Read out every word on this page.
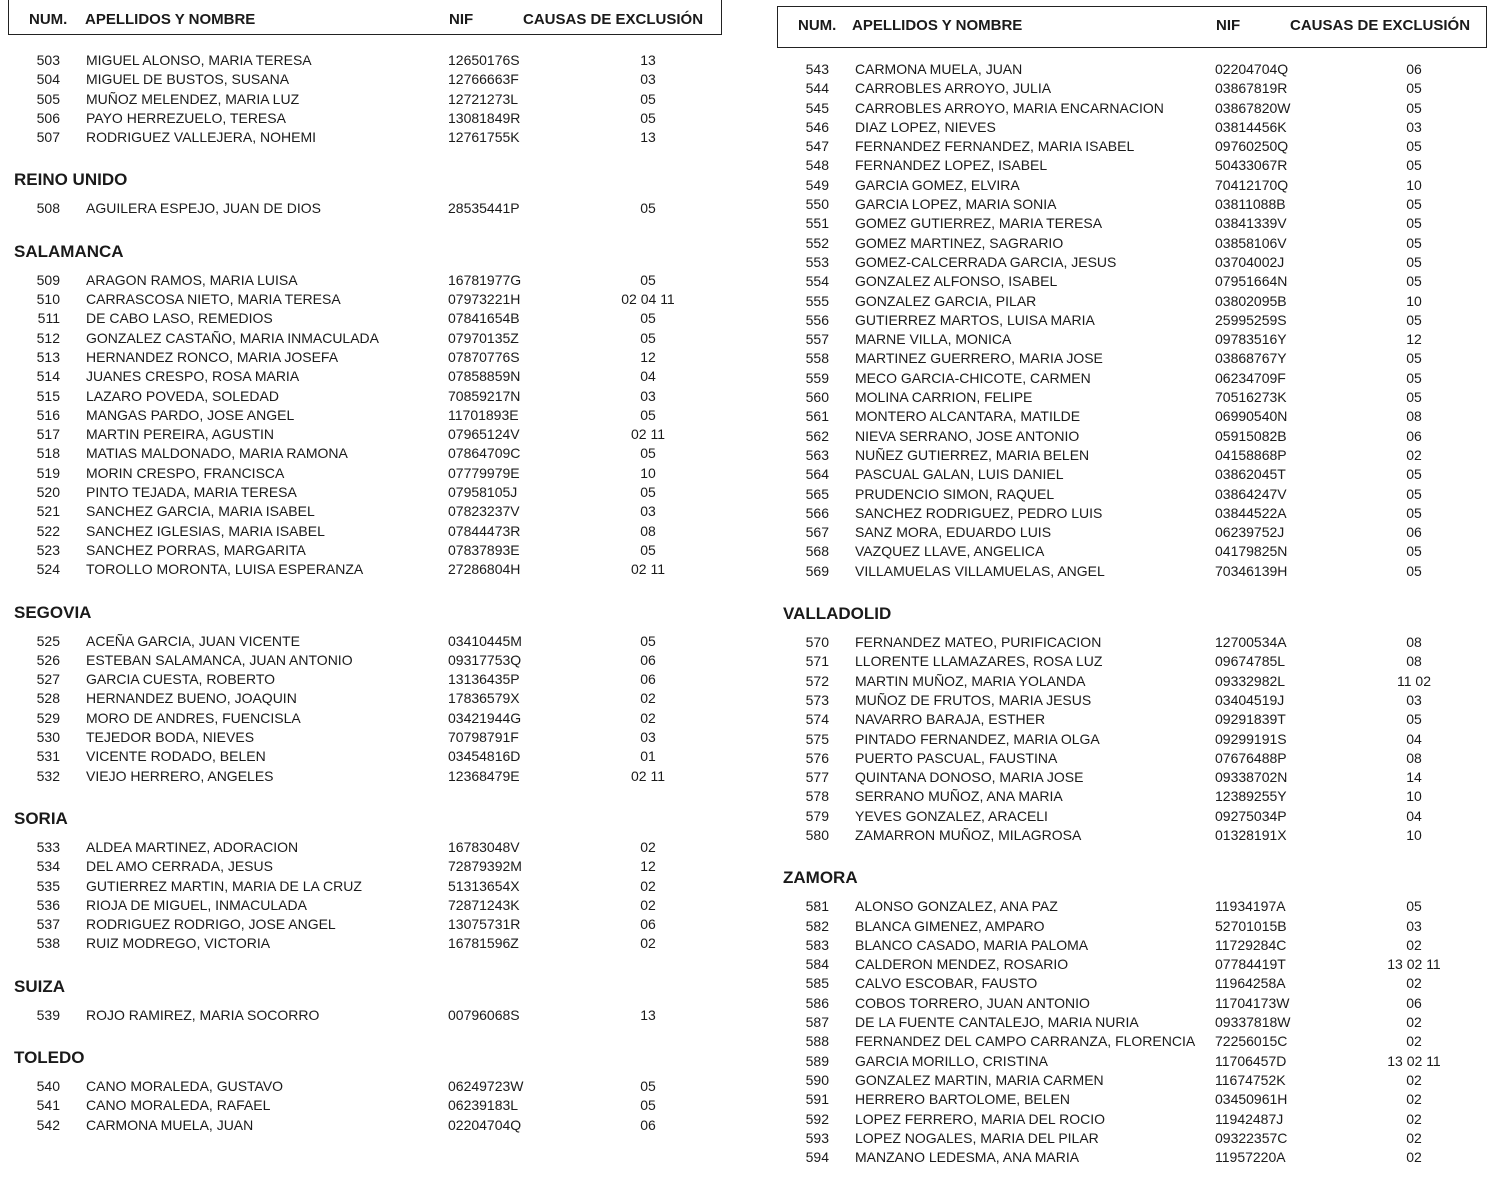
NUM. APELLIDOS Y NOMBRE	NIF	CAUSAS DE EXCLUSIÓN
503 MIGUEL ALONSO, MARIA TERESA	12650176S	13
504 MIGUEL DE BUSTOS, SUSANA	12766663F	03
505 MUÑOZ MELENDEZ, MARIA LUZ	12721273L	05
506 PAYO HERREZUELO, TERESA	13081849R	05
507 RODRIGUEZ VALLEJERA, NOHEMI	12761755K	13
REINO UNIDO
508 AGUILERA ESPEJO, JUAN DE DIOS	28535441P	05
SALAMANCA
509 ARAGON RAMOS, MARIA LUISA	16781977G	05
510 CARRASCOSA NIETO, MARIA TERESA	07973221H	02 04 11
511 DE CABO LASO, REMEDIOS	07841654B	05
512 GONZALEZ CASTAÑO, MARIA INMACULADA	07970135Z	05
513 HERNANDEZ RONCO, MARIA JOSEFA	07870776S	12
514 JUANES CRESPO, ROSA MARIA	07858859N	04
515 LAZARO POVEDA, SOLEDAD	70859217N	03
516 MANGAS PARDO, JOSE ANGEL	11701893E	05
517 MARTIN PEREIRA, AGUSTIN	07965124V	02 11
518 MATIAS MALDONADO, MARIA RAMONA	07864709C	05
519 MORIN CRESPO, FRANCISCA	07779979E	10
520 PINTO TEJADA, MARIA TERESA	07958105J	05
521 SANCHEZ GARCIA, MARIA ISABEL	07823237V	03
522 SANCHEZ IGLESIAS, MARIA ISABEL	07844473R	08
523 SANCHEZ PORRAS, MARGARITA	07837893E	05
524 TOROLLO MORONTA, LUISA ESPERANZA	27286804H	02 11
SEGOVIA
525 ACEÑA GARCIA, JUAN VICENTE	03410445M	05
526 ESTEBAN SALAMANCA, JUAN ANTONIO	09317753Q	06
527 GARCIA CUESTA, ROBERTO	13136435P	06
528 HERNANDEZ BUENO, JOAQUIN	17836579X	02
529 MORO DE ANDRES, FUENCISLA	03421944G	02
530 TEJEDOR BODA, NIEVES	70798791F	03
531 VICENTE RODADO, BELEN	03454816D	01
532 VIEJO HERRERO, ANGELES	12368479E	02 11
SORIA
533 ALDEA MARTINEZ, ADORACION	16783048V	02
534 DEL AMO CERRADA, JESUS	72879392M	12
535 GUTIERREZ MARTIN, MARIA DE LA CRUZ	51313654X	02
536 RIOJA DE MIGUEL, INMACULADA	72871243K	02
537 RODRIGUEZ RODRIGO, JOSE ANGEL	13075731R	06
538 RUIZ MODREGO, VICTORIA	16781596Z	02
SUIZA
539 ROJO RAMIREZ, MARIA SOCORRO	00796068S	13
TOLEDO
540 CANO MORALEDA, GUSTAVO	06249723W	05
541 CANO MORALEDA, RAFAEL	06239183L	05
542 CARMONA MUELA, JUAN	02204704Q	06
NUM. APELLIDOS Y NOMBRE	NIF	CAUSAS DE EXCLUSIÓN
543 CARMONA MUELA, JUAN	02204704Q	06
544 CARROBLES ARROYO, JULIA	03867819R	05
545 CARROBLES ARROYO, MARIA ENCARNACION	03867820W	05
546 DIAZ LOPEZ, NIEVES	03814456K	03
547 FERNANDEZ FERNANDEZ, MARIA ISABEL	09760250Q	05
548 FERNANDEZ LOPEZ, ISABEL	50433067R	05
549 GARCIA GOMEZ, ELVIRA	70412170Q	10
550 GARCIA LOPEZ, MARIA SONIA	03811088B	05
551 GOMEZ GUTIERREZ, MARIA TERESA	03841339V	05
552 GOMEZ MARTINEZ, SAGRARIO	03858106V	05
553 GOMEZ-CALCERRADA GARCIA, JESUS	03704002J	05
554 GONZALEZ ALFONSO, ISABEL	07951664N	05
555 GONZALEZ GARCIA, PILAR	03802095B	10
556 GUTIERREZ MARTOS, LUISA MARIA	25995259S	05
557 MARNE VILLA, MONICA	09783516Y	12
558 MARTINEZ GUERRERO, MARIA JOSE	03868767Y	05
559 MECO GARCIA-CHICOTE, CARMEN	06234709F	05
560 MOLINA CARRION, FELIPE	70516273K	05
561 MONTERO ALCANTARA, MATILDE	06990540N	08
562 NIEVA SERRANO, JOSE ANTONIO	05915082B	06
563 NUÑEZ GUTIERREZ, MARIA BELEN	04158868P	02
564 PASCUAL GALAN, LUIS DANIEL	03862045T	05
565 PRUDENCIO SIMON, RAQUEL	03864247V	05
566 SANCHEZ RODRIGUEZ, PEDRO LUIS	03844522A	05
567 SANZ MORA, EDUARDO LUIS	06239752J	06
568 VAZQUEZ LLAVE, ANGELICA	04179825N	05
569 VILLAMUELAS VILLAMUELAS, ANGEL	70346139H	05
VALLADOLID
570 FERNANDEZ MATEO, PURIFICACION	12700534A	08
571 LLORENTE LLAMAZARES, ROSA LUZ	09674785L	08
572 MARTIN MUÑOZ, MARIA YOLANDA	09332982L	11 02
573 MUÑOZ DE FRUTOS, MARIA JESUS	03404519J	03
574 NAVARRO BARAJA, ESTHER	09291839T	05
575 PINTADO FERNANDEZ, MARIA OLGA	09299191S	04
576 PUERTO PASCUAL, FAUSTINA	07676488P	08
577 QUINTANA DONOSO, MARIA JOSE	09338702N	14
578 SERRANO MUÑOZ, ANA MARIA	12389255Y	10
579 YEVES GONZALEZ, ARACELI	09275034P	04
580 ZAMARRON MUÑOZ, MILAGROSA	01328191X	10
ZAMORA
581 ALONSO GONZALEZ, ANA PAZ	11934197A	05
582 BLANCA GIMENEZ, AMPARO	52701015B	03
583 BLANCO CASADO, MARIA PALOMA	11729284C	02
584 CALDERON MENDEZ, ROSARIO	07784419T	13 02 11
585 CALVO ESCOBAR, FAUSTO	11964258A	02
586 COBOS TORRERO, JUAN ANTONIO	11704173W	06
587 DE LA FUENTE CANTALEJO, MARIA NURIA	09337818W	02
588 FERNANDEZ DEL CAMPO CARRANZA, FLORENCIA 72256015C	02
589 GARCIA MORILLO, CRISTINA	11706457D	13 02 11
590 GONZALEZ MARTIN, MARIA CARMEN	11674752K	02
591 HERRERO BARTOLOME, BELEN	03450961H	02
592 LOPEZ FERRERO, MARIA DEL ROCIO	11942487J	02
593 LOPEZ NOGALES, MARIA DEL PILAR	09322357C	02
594 MANZANO LEDESMA, ANA MARIA	11957220A	02
